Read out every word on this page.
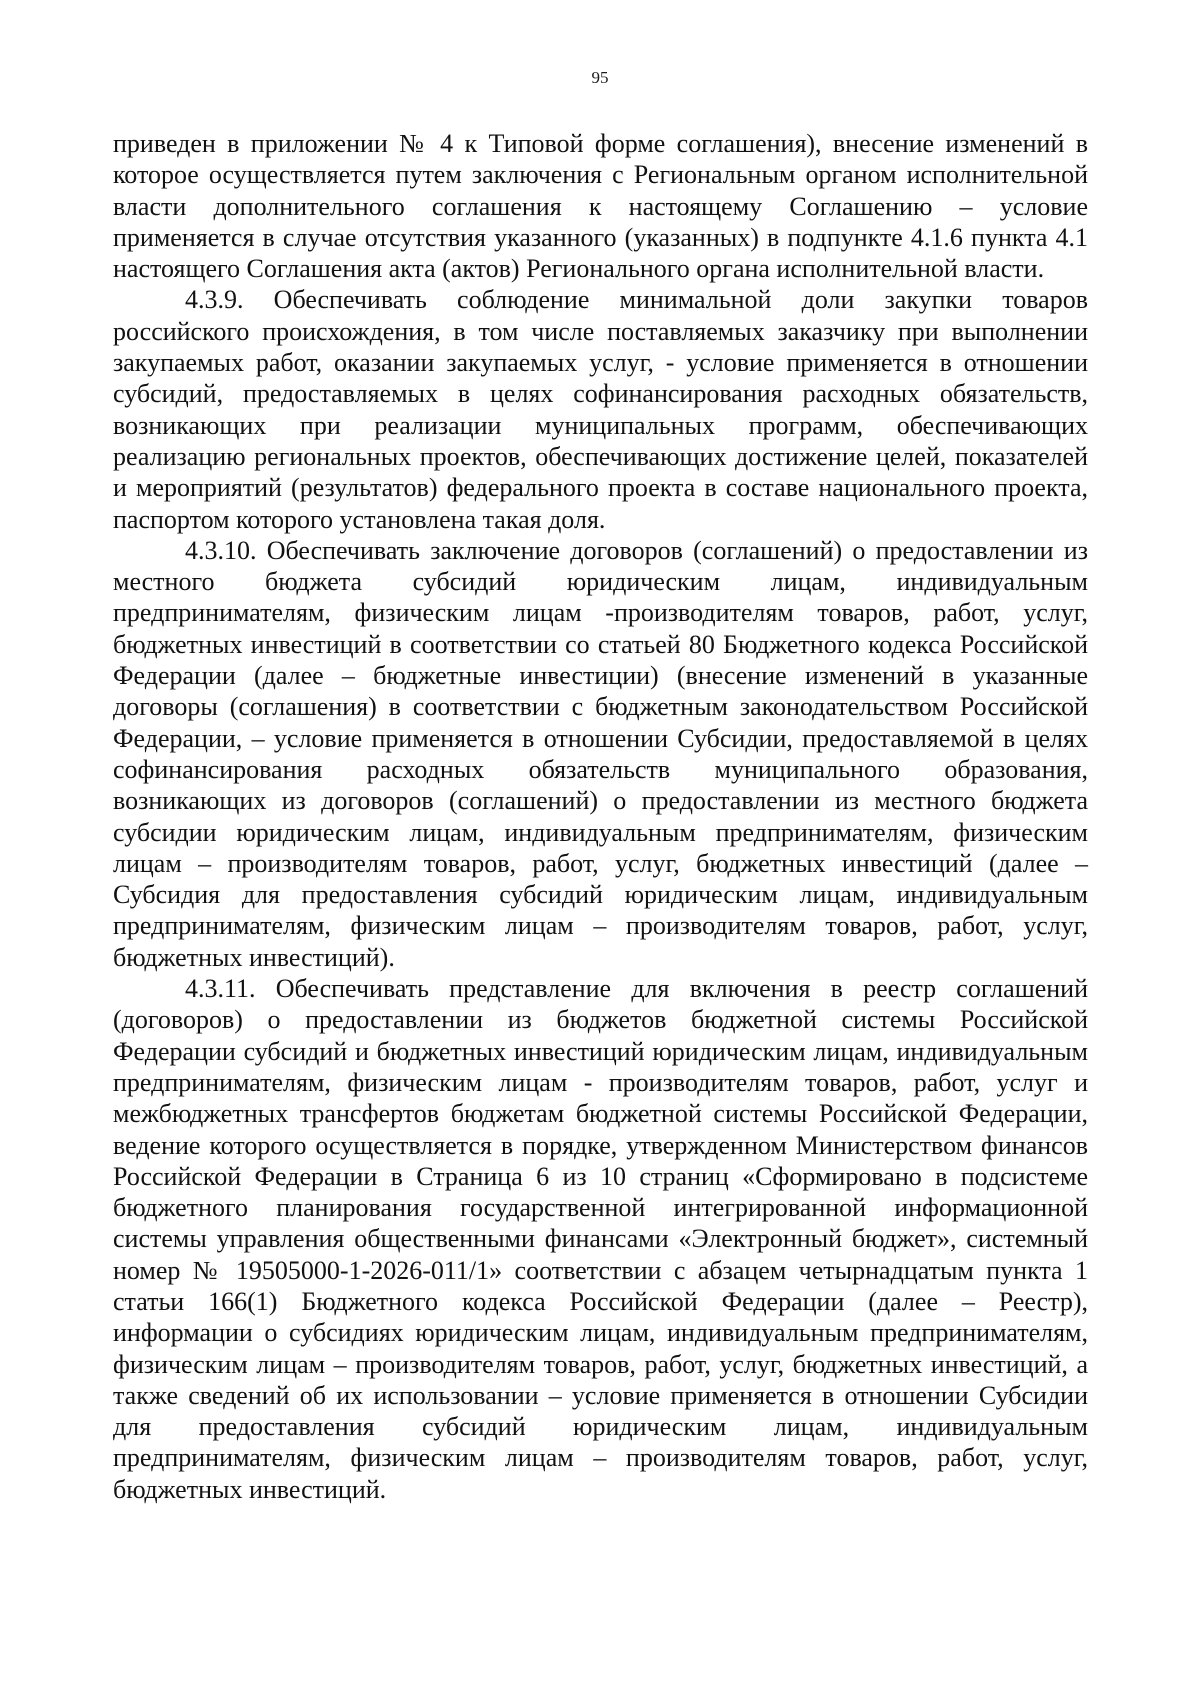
95

приведен в приложении № 4 к Типовой форме соглашения), внесение изменений в которое осуществляется путем заключения с Региональным органом исполнительной власти дополнительного соглашения к настоящему Соглашению – условие применяется в случае отсутствия указанного (указанных) в подпункте 4.1.6 пункта 4.1 настоящего Соглашения акта (актов) Регионального органа исполнительной власти.

4.3.9. Обеспечивать соблюдение минимальной доли закупки товаров российского происхождения, в том числе поставляемых заказчику при выполнении закупаемых работ, оказании закупаемых услуг, - условие применяется в отношении субсидий, предоставляемых в целях софинансирования расходных обязательств, возникающих при реализации муниципальных программ, обеспечивающих реализацию региональных проектов, обеспечивающих достижение целей, показателей и мероприятий (результатов) федерального проекта в составе национального проекта, паспортом которого установлена такая доля.

4.3.10. Обеспечивать заключение договоров (соглашений) о предоставлении из местного бюджета субсидий юридическим лицам, индивидуальным предпринимателям, физическим лицам -производителям товаров, работ, услуг, бюджетных инвестиций в соответствии со статьей 80 Бюджетного кодекса Российской Федерации (далее – бюджетные инвестиции) (внесение изменений в указанные договоры (соглашения) в соответствии с бюджетным законодательством Российской Федерации, – условие применяется в отношении Субсидии, предоставляемой в целях софинансирования расходных обязательств муниципального образования, возникающих из договоров (соглашений) о предоставлении из местного бюджета субсидии юридическим лицам, индивидуальным предпринимателям, физическим лицам – производителям товаров, работ, услуг, бюджетных инвестиций (далее – Субсидия для предоставления субсидий юридическим лицам, индивидуальным предпринимателям, физическим лицам – производителям товаров, работ, услуг, бюджетных инвестиций).

4.3.11. Обеспечивать представление для включения в реестр соглашений (договоров) о предоставлении из бюджетов бюджетной системы Российской Федерации субсидий и бюджетных инвестиций юридическим лицам, индивидуальным предпринимателям, физическим лицам - производителям товаров, работ, услуг и межбюджетных трансфертов бюджетам бюджетной системы Российской Федерации, ведение которого осуществляется в порядке, утвержденном Министерством финансов Российской Федерации в Страница 6 из 10 страниц «Сформировано в подсистеме бюджетного планирования государственной интегрированной информационной системы управления общественными финансами «Электронный бюджет», системный номер № 19505000-1-2026-011/1» соответствии с абзацем четырнадцатым пункта 1 статьи 166(1) Бюджетного кодекса Российской Федерации (далее – Реестр), информации о субсидиях юридическим лицам, индивидуальным предпринимателям, физическим лицам – производителям товаров, работ, услуг, бюджетных инвестиций, а также сведений об их использовании – условие применяется в отношении Субсидии для предоставления субсидий юридическим лицам, индивидуальным предпринимателям, физическим лицам – производителям товаров, работ, услуг, бюджетных инвестиций.
